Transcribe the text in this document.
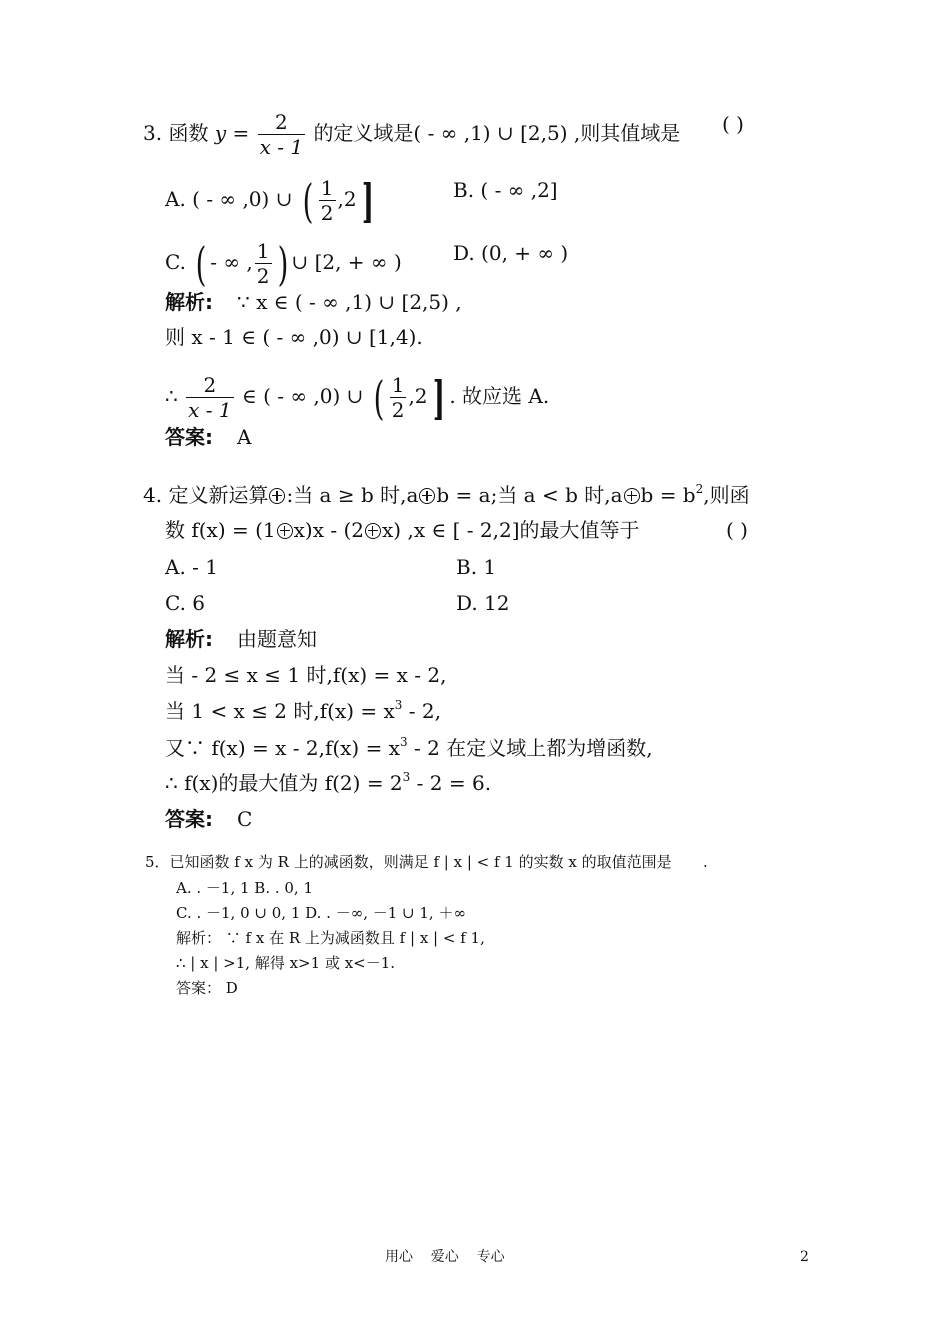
3. 函数 $y = \frac{2}{x - 1}$ 的定义域是( - ∞ ,1) ∪ [2,5) ,则其值域是 ( )
A. ( - ∞ ,0) ∪ ( $\frac{1}{2} ,2$ ]	B. ( - ∞ ,2]
C. ( - ∞ , $\frac{1}{2}$ ) ∪ [2, + ∞ )	D. (0, + ∞ )
解析: ∵ x ∈ ( - ∞ ,1) ∪ [2,5) ,
则 x - 1 ∈ ( - ∞ ,0) ∪ [1,4).
∴ $\frac{2}{x - 1}$ ∈ ( - ∞ ,0) ∪ ( $\frac{1}{2} ,2$ ] . 故应选 A.
答案: A
4. 定义新运算 :当 a ≥ b 时,a b = a;当 a < b 时,a $b = b^2$,则函
数 f(x) = (1 x)x - (2 x) ,x ∈ [ - 2,2]的最大值等于	( )
A. - 1	B. 1
C. 6	D. 12
解析: 由题意知
当 - 2 ≤ x ≤ 1 时,f(x) = x - 2,
当 1 < x ≤ 2 时$,f(x) = x^3 - 2$,
又∵ $f(x) = x - 2,f(x) = x^3 - 2$ 在定义域上都为增函数,
∴ f(x)的最大值为 $f(2) = 2^3 - 2 = 6$.
答案: C
5．已知函数 f x 为 R 上的减函数，则满足 f | x | < f 1 的实数 x 的取值范围是 .
A. . －1, 1 B. . 0, 1
C. . －1, 0 ∪ 0, 1 D. . －∞, －1 ∪ 1, ＋∞
解析： ∵ f x 在 R 上为减函数且 f | x | < f 1,
∴ | x | >1, 解得 x>1 或 x<－1.
答案： D
用心    爱心    专心	2
